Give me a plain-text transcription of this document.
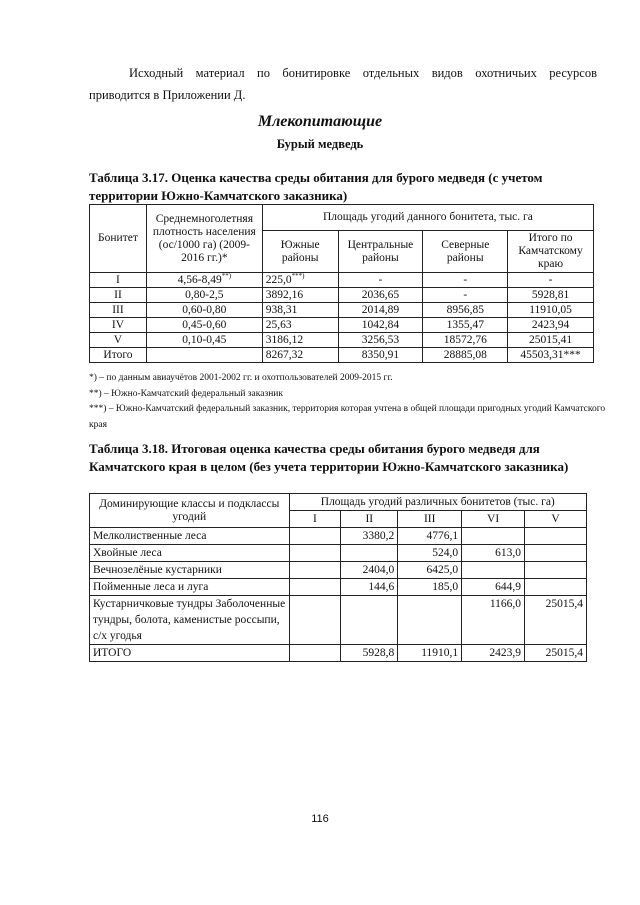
Исходный материал по бонитировке отдельных видов охотничьих ресурсов
приводится в Приложении Д.
Млекопитающие
Бурый медведь
Таблица 3.17. Оценка качества среды обитания для бурого медведя (с учетом
территории Южно-Камчатского заказника)
Бонитет	Среднемноголетняя плотность населения (ос/1000 га) (2009-2016 гг.)*	Площадь угодий данного бонитета, тыс. га			
		Южные районы	Центральные районы	Северные районы	Итого по Камчатскому краю
I	4,56-8,49**)	225,0***)	-	-	-
II	0,80-2,5	3892,16	2036,65	-	5928,81
III	0,60-0,80	938,31	2014,89	8956,85	11910,05
IV	0,45-0,60	25,63	1042,84	1355,47	2423,94
V	0,10-0,45	3186,12	3256,53	18572,76	25015,41
Итого		8267,32	8350,91	28885,08	45503,31***
*) – по данным авиаучётов 2001-2002 гг. и охотпользователей 2009-2015 гг.
**) – Южно-Камчатский федеральный заказник
***) – Южно-Камчатский федеральный заказник, территория которая учтена в общей площади пригодных угодий Камчатского края
Таблица 3.18. Итоговая оценка качества среды обитания бурого медведя для
Камчатского края в целом (без учета территории Южно-Камчатского заказника)
Доминирующие классы и подклассы угодий	Площадь угодий различных бонитетов (тыс. га)				
	I	II	III	VI	V
Мелколиственные леса		3380,2	4776,1		
Хвойные леса			524,0	613,0	
Вечнозелёные кустарники		2404,0	6425,0		
Пойменные леса и луга		144,6	185,0	644,9	
Кустарничковые тундры Заболоченные тундры, болота, каменистые россыпи, с/х угодья				1166,0	25015,4
ИТОГО		5928,8	11910,1	2423,9	25015,4
116
